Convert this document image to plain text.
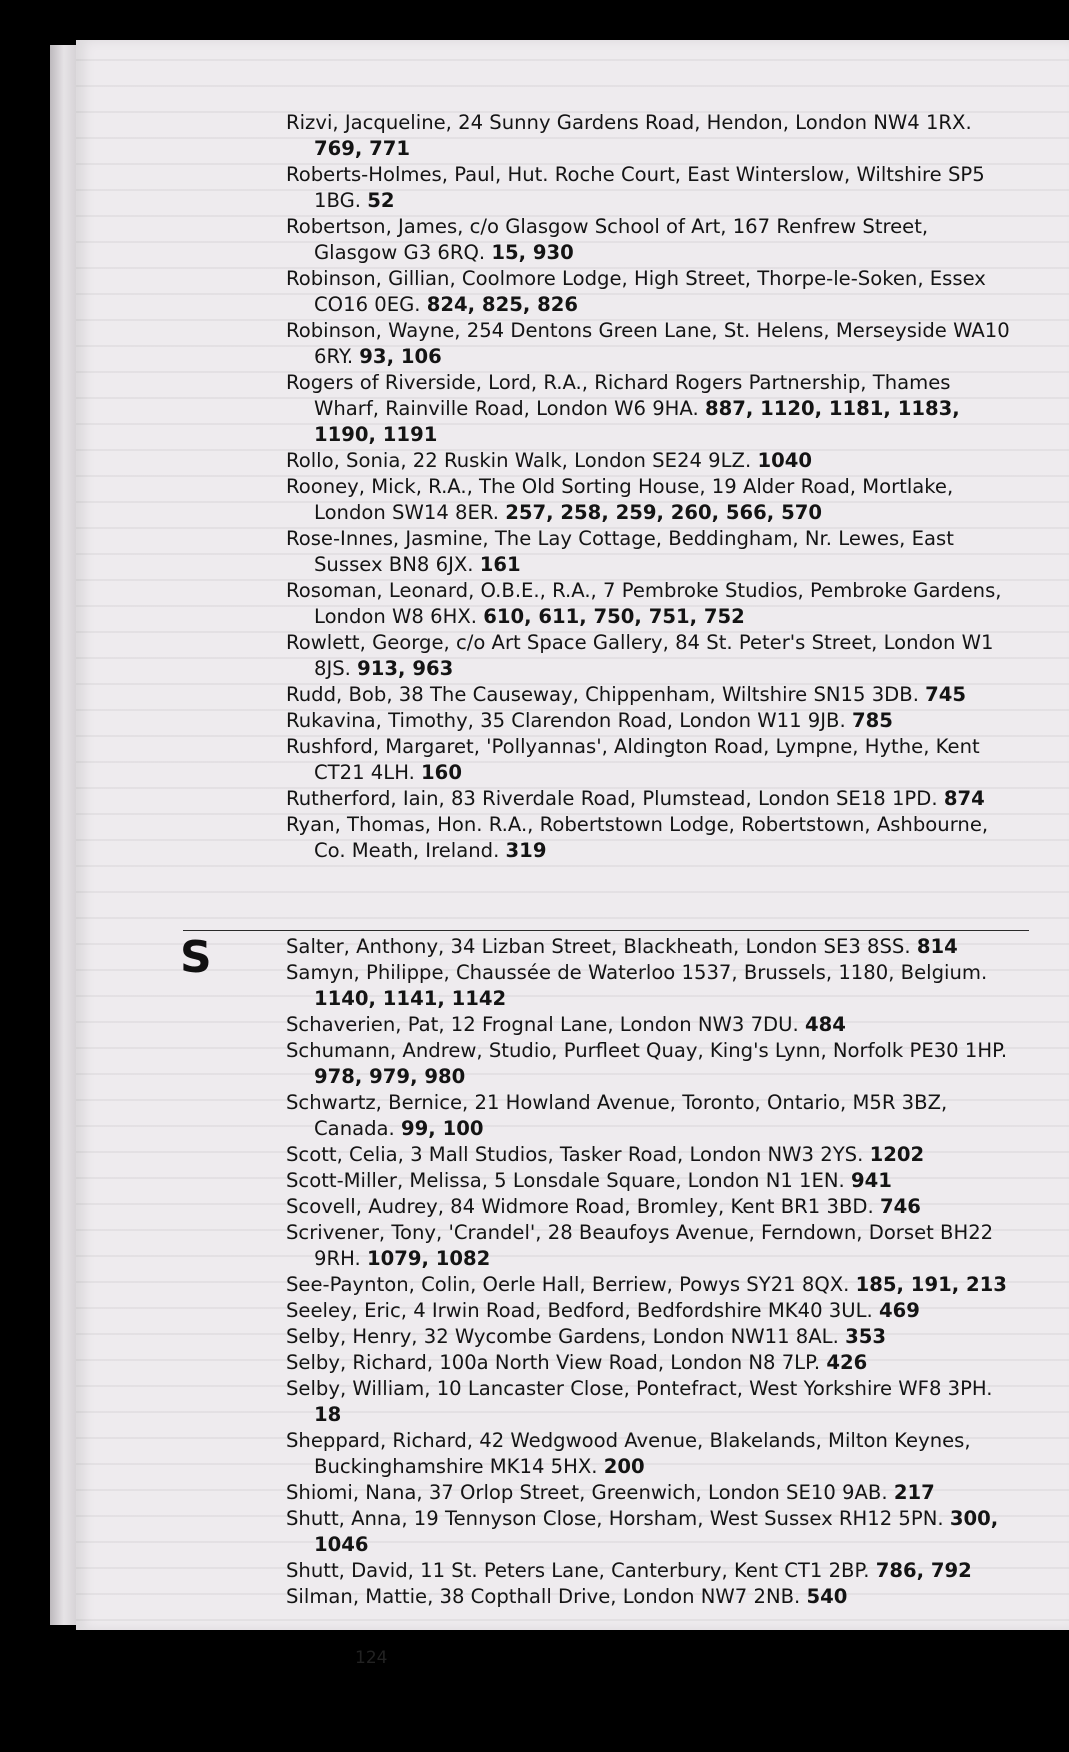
Rizvi, Jacqueline, 24 Sunny Gardens Road, Hendon, London NW4 1RX. 769, 771

Roberts-Holmes, Paul, Hut. Roche Court, East Winterslow, Wiltshire SP5 1BG. 52

Robertson, James, c/o Glasgow School of Art, 167 Renfrew Street, Glasgow G3 6RQ. 15, 930

Robinson, Gillian, Coolmore Lodge, High Street, Thorpe-le-Soken, Essex CO16 0EG. 824, 825, 826

Robinson, Wayne, 254 Dentons Green Lane, St. Helens, Merseyside WA10 6RY. 93, 106

Rogers of Riverside, Lord, R.A., Richard Rogers Partnership, Thames Wharf, Rainville Road, London W6 9HA. 887, 1120, 1181, 1183, 1190, 1191

Rollo, Sonia, 22 Ruskin Walk, London SE24 9LZ. 1040

Rooney, Mick, R.A., The Old Sorting House, 19 Alder Road, Mortlake, London SW14 8ER. 257, 258, 259, 260, 566, 570

Rose-Innes, Jasmine, The Lay Cottage, Beddingham, Nr. Lewes, East Sussex BN8 6JX. 161

Rosoman, Leonard, O.B.E., R.A., 7 Pembroke Studios, Pembroke Gardens, London W8 6HX. 610, 611, 750, 751, 752

Rowlett, George, c/o Art Space Gallery, 84 St. Peter's Street, London W1 8JS. 913, 963

Rudd, Bob, 38 The Causeway, Chippenham, Wiltshire SN15 3DB. 745

Rukavina, Timothy, 35 Clarendon Road, London W11 9JB. 785

Rushford, Margaret, 'Pollyannas', Aldington Road, Lympne, Hythe, Kent CT21 4LH. 160

Rutherford, Iain, 83 Riverdale Road, Plumstead, London SE18 1PD. 874

Ryan, Thomas, Hon. R.A., Robertstown Lodge, Robertstown, Ashbourne, Co. Meath, Ireland. 319

S	Salter, Anthony, 34 Lizban Street, Blackheath, London SE3 8SS. 814

Samyn, Philippe, Chaussée de Waterloo 1537, Brussels, 1180, Belgium. 1140, 1141, 1142

Schaverien, Pat, 12 Frognal Lane, London NW3 7DU. 484

Schumann, Andrew, Studio, Purfleet Quay, King's Lynn, Norfolk PE30 1HP. 978, 979, 980

Schwartz, Bernice, 21 Howland Avenue, Toronto, Ontario, M5R 3BZ, Canada. 99, 100

Scott, Celia, 3 Mall Studios, Tasker Road, London NW3 2YS. 1202

Scott-Miller, Melissa, 5 Lonsdale Square, London N1 1EN. 941

Scovell, Audrey, 84 Widmore Road, Bromley, Kent BR1 3BD. 746

Scrivener, Tony, 'Crandel', 28 Beaufoys Avenue, Ferndown, Dorset BH22 9RH. 1079, 1082

See-Paynton, Colin, Oerle Hall, Berriew, Powys SY21 8QX. 185, 191, 213

Seeley, Eric, 4 Irwin Road, Bedford, Bedfordshire MK40 3UL. 469

Selby, Henry, 32 Wycombe Gardens, London NW11 8AL. 353

Selby, Richard, 100a North View Road, London N8 7LP. 426

Selby, William, 10 Lancaster Close, Pontefract, West Yorkshire WF8 3PH. 18

Sheppard, Richard, 42 Wedgwood Avenue, Blakelands, Milton Keynes, Buckinghamshire MK14 5HX. 200

Shiomi, Nana, 37 Orlop Street, Greenwich, London SE10 9AB. 217

Shutt, Anna, 19 Tennyson Close, Horsham, West Sussex RH12 5PN. 300, 1046

Shutt, David, 11 St. Peters Lane, Canterbury, Kent CT1 2BP. 786, 792

Silman, Mattie, 38 Copthall Drive, London NW7 2NB. 540

124
